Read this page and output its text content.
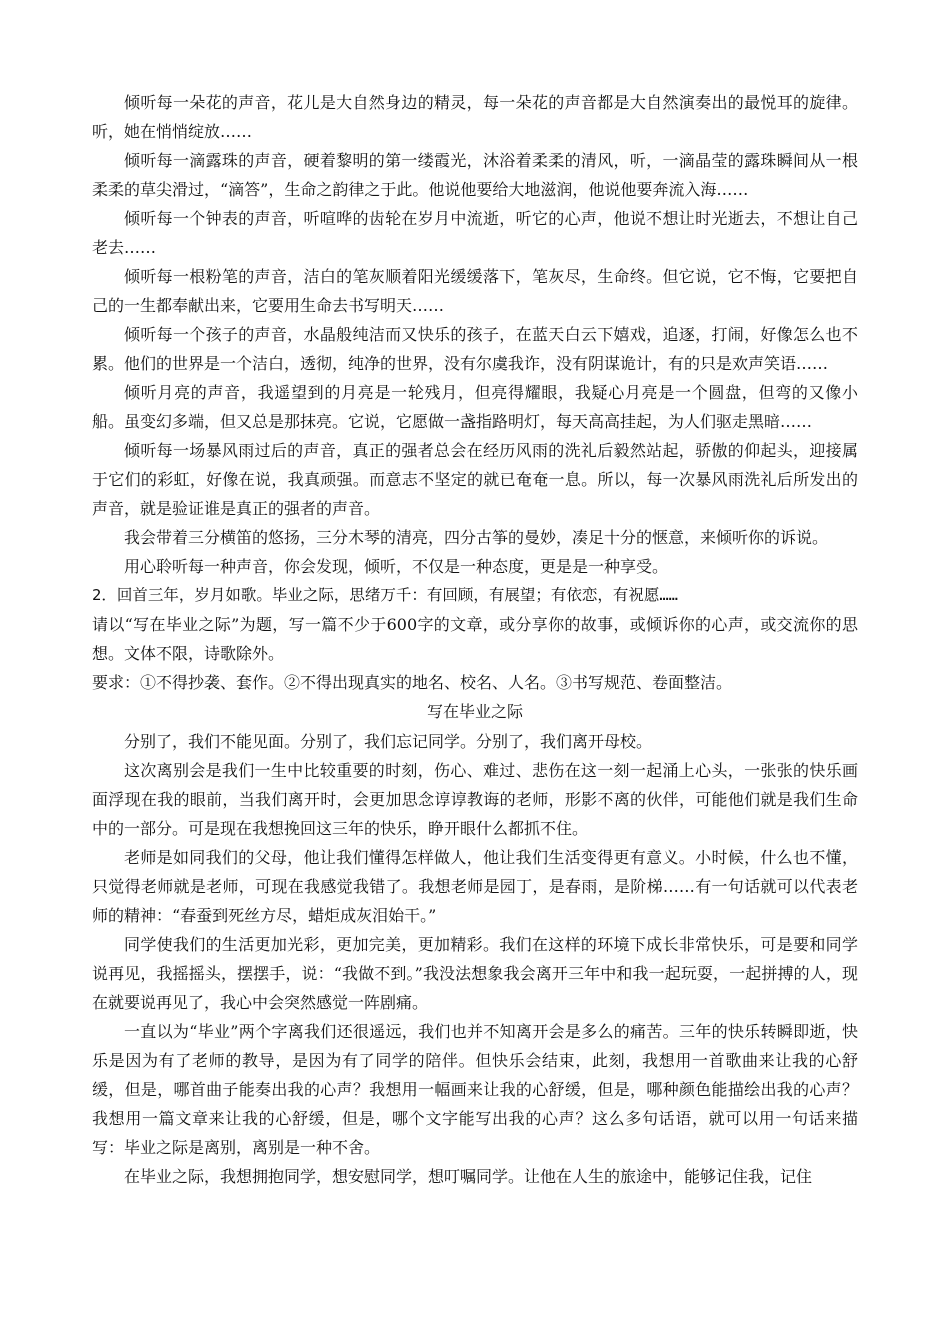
倾听每一朵花的声音，花儿是大自然身边的精灵，每一朵花的声音都是大自然演奏出的最悦耳的旋律。听，她在悄悄绽放……

倾听每一滴露珠的声音，硬着黎明的第一缕霞光，沐浴着柔柔的清风，听，一滴晶莹的露珠瞬间从一根柔柔的草尖滑过，“滴答”，生命之韵律之于此。他说他要给大地滋润，他说他要奔流入海……

倾听每一个钟表的声音，听喧哗的齿轮在岁月中流逝，听它的心声，他说不想让时光逝去，不想让自己老去……

倾听每一根粉笔的声音，洁白的笔灰顺着阳光缓缓落下，笔灰尽，生命终。但它说，它不悔，它要把自己的一生都奉献出来，它要用生命去书写明天……

倾听每一个孩子的声音，水晶般纯洁而又快乐的孩子，在蓝天白云下嬉戏，追逐，打闹，好像怎么也不累。他们的世界是一个洁白，透彻，纯净的世界，没有尔虞我诈，没有阴谋诡计，有的只是欢声笑语……

倾听月亮的声音，我遥望到的月亮是一轮残月，但亮得耀眼，我疑心月亮是一个圆盘，但弯的又像小船。虽变幻多端，但又总是那抹亮。它说，它愿做一盏指路明灯，每天高高挂起，为人们驱走黑暗……

倾听每一场暴风雨过后的声音，真正的强者总会在经历风雨的洗礼后毅然站起，骄傲的仰起头，迎接属于它们的彩虹，好像在说，我真顽强。而意志不坚定的就已奄奄一息。所以，每一次暴风雨洗礼后所发出的声音，就是验证谁是真正的强者的声音。

我会带着三分横笛的悠扬，三分木琴的清亮，四分古筝的曼妙，凑足十分的惬意，来倾听你的诉说。

用心聆听每一种声音，你会发现，倾听，不仅是一种态度，更是是一种享受。

2．回首三年，岁月如歌。毕业之际，思绪万千：有回顾，有展望；有依恋，有祝愿……

请以“写在毕业之际”为题，写一篇不少于600字的文章，或分享你的故事，或倾诉你的心声，或交流你的思想。文体不限，诗歌除外。

要求：①不得抄袭、套作。②不得出现真实的地名、校名、人名。③书写规范、卷面整洁。

写在毕业之际

分别了，我们不能见面。分别了，我们忘记同学。分别了，我们离开母校。

这次离别会是我们一生中比较重要的时刻，伤心、难过、悲伤在这一刻一起涌上心头，一张张的快乐画面浮现在我的眼前，当我们离开时，会更加思念谆谆教诲的老师，形影不离的伙伴，可能他们就是我们生命中的一部分。可是现在我想挽回这三年的快乐，睁开眼什么都抓不住。

老师是如同我们的父母，他让我们懂得怎样做人，他让我们生活变得更有意义。小时候，什么也不懂，只觉得老师就是老师，可现在我感觉我错了。我想老师是园丁，是春雨，是阶梯……有一句话就可以代表老师的精神：“春蚕到死丝方尽，蜡炬成灰泪始干。”

同学使我们的生活更加光彩，更加完美，更加精彩。我们在这样的环境下成长非常快乐，可是要和同学说再见，我摇摇头，摆摆手，说：“我做不到。”我没法想象我会离开三年中和我一起玩耍，一起拼搏的人，现在就要说再见了，我心中会突然感觉一阵剧痛。

一直以为“毕业”两个字离我们还很遥远，我们也并不知离开会是多么的痛苦。三年的快乐转瞬即逝，快乐是因为有了老师的教导，是因为有了同学的陪伴。但快乐会结束，此刻，我想用一首歌曲来让我的心舒缓，但是，哪首曲子能奏出我的心声？我想用一幅画来让我的心舒缓，但是，哪种颜色能描绘出我的心声？我想用一篇文章来让我的心舒缓，但是，哪个文字能写出我的心声？这么多句话语，就可以用一句话来描写：毕业之际是离别，离别是一种不舍。

在毕业之际，我想拥抱同学，想安慰同学，想叮嘱同学。让他在人生的旅途中，能够记住我，记住
